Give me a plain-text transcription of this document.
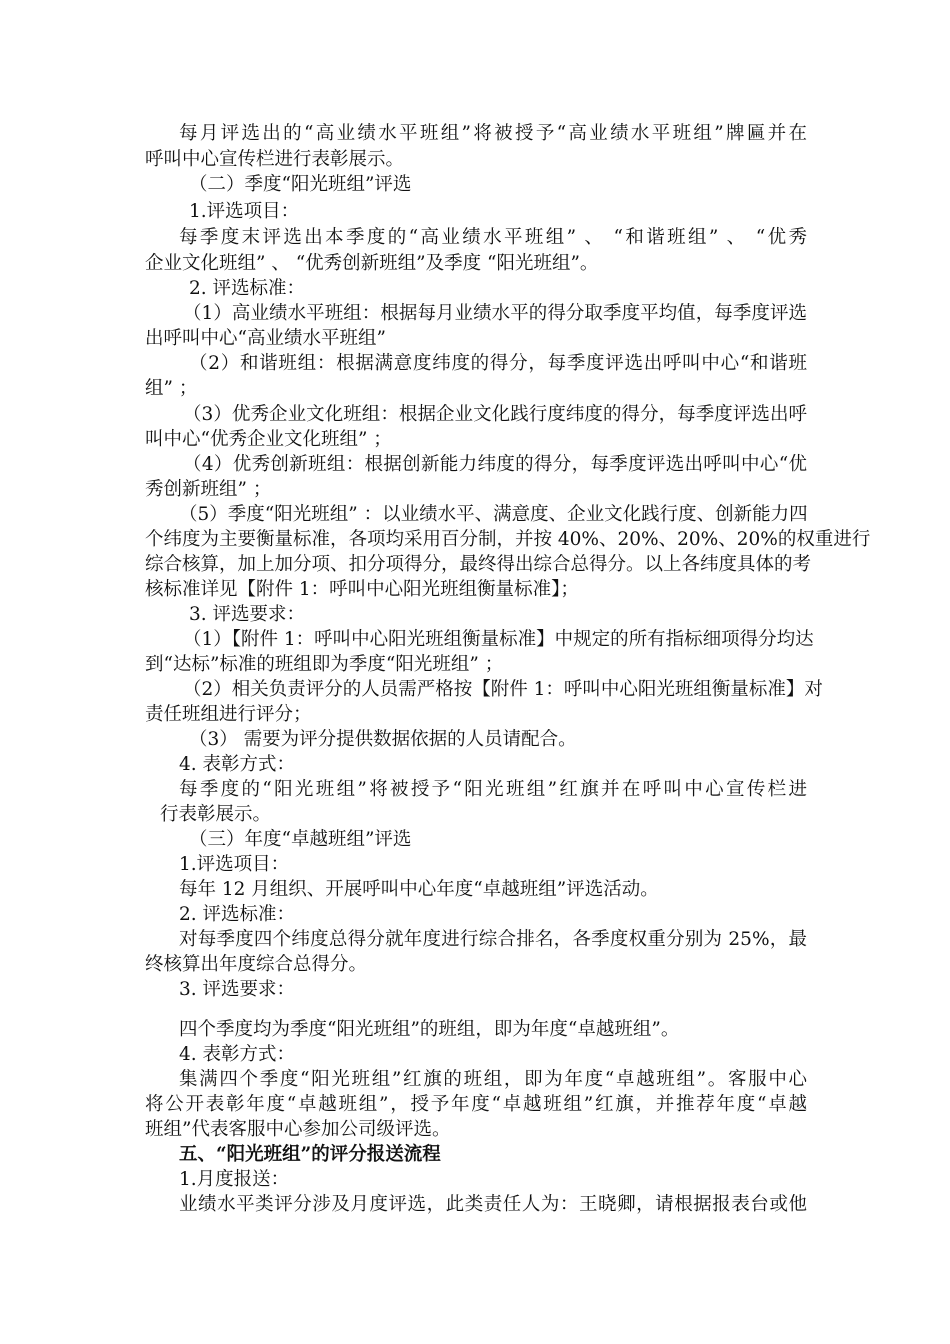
每月评选出的“高业绩水平班组”将被授予“高业绩水平班组”牌匾并在
呼叫中心宣传栏进行表彰展示。
（二）季度“阳光班组”评选
1.评选项目：
每季度末评选出本季度的“高业绩水平班组” 、 “和谐班组” 、 “优秀
企业文化班组” 、 “优秀创新班组”及季度 “阳光班组”。
2. 评选标准：
（1）高业绩水平班组：根据每月业绩水平的得分取季度平均值，每季度评选
出呼叫中心“高业绩水平班组”
（2）和谐班组：根据满意度纬度的得分，每季度评选出呼叫中心“和谐班
组” ；
（3）优秀企业文化班组：根据企业文化践行度纬度的得分，每季度评选出呼
叫中心“优秀企业文化班组” ；
（4）优秀创新班组：根据创新能力纬度的得分，每季度评选出呼叫中心“优
秀创新班组” ；
（5）季度“阳光班组” ：以业绩水平、满意度、企业文化践行度、创新能力四
个纬度为主要衡量标准，各项均采用百分制，并按 40%、20%、20%、20%的权重进行
综合核算，加上加分项、扣分项得分，最终得出综合总得分。以上各纬度具体的考
核标准详见【附件 1：呼叫中心阳光班组衡量标准】；
3. 评选要求：
（1）【附件 1：呼叫中心阳光班组衡量标准】中规定的所有指标细项得分均达
到“达标”标准的班组即为季度“阳光班组” ；
（2）相关负责评分的人员需严格按【附件 1：呼叫中心阳光班组衡量标准】对
责任班组进行评分；
（3） 需要为评分提供数据依据的人员请配合。
4. 表彰方式：
每季度的“阳光班组”将被授予“阳光班组”红旗并在呼叫中心宣传栏进
行表彰展示。
（三）年度“卓越班组”评选
1.评选项目：
每年 12 月组织、开展呼叫中心年度“卓越班组”评选活动。
2. 评选标准：
对每季度四个纬度总得分就年度进行综合排名，各季度权重分别为 25%，最
终核算出年度综合总得分。
3. 评选要求：
四个季度均为季度“阳光班组”的班组，即为年度“卓越班组”。
4. 表彰方式：
集满四个季度“阳光班组”红旗的班组，即为年度“卓越班组”。客服中心
将公开表彰年度“卓越班组”，授予年度“卓越班组”红旗，并推荐年度“卓越
班组”代表客服中心参加公司级评选。
五、“阳光班组”的评分报送流程
1.月度报送：
业绩水平类评分涉及月度评选，此类责任人为：王晓卿，请根据报表台或他
